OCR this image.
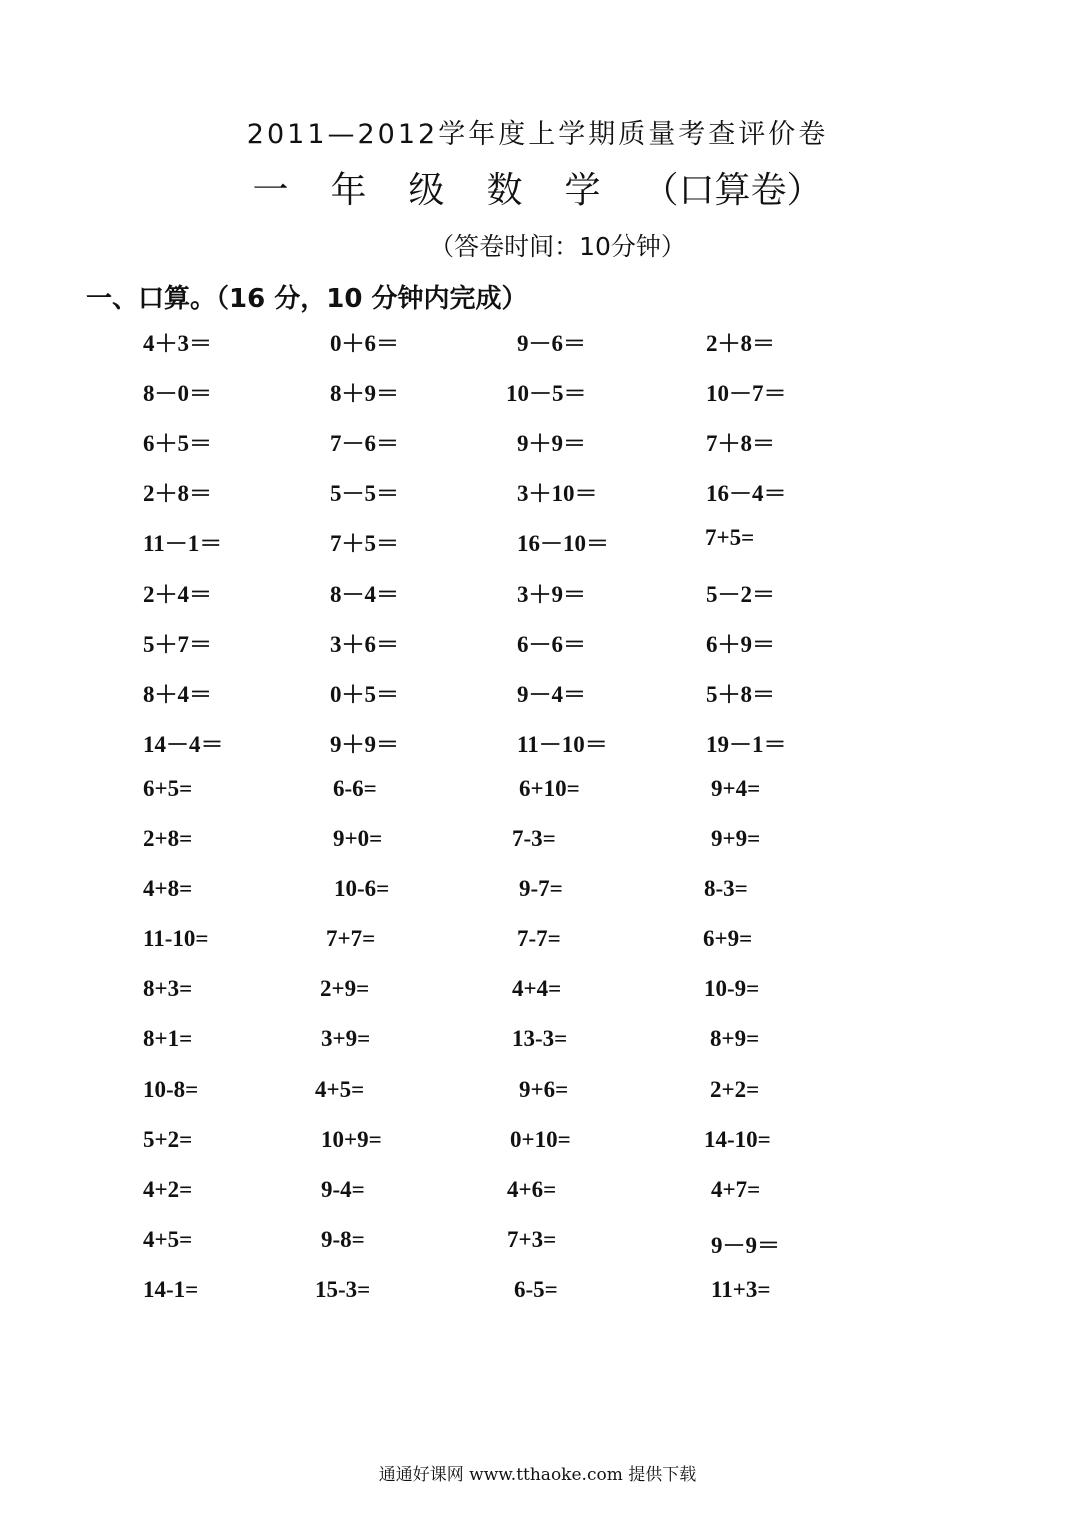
2011—2012学年度上学期质量考查评价卷
一年级数学（口算卷）
（答卷时间：10分钟）
一、口算。（16 分，10 分钟内完成）
4＋3＝	0＋6＝	9－6＝	2＋8＝
8－0＝	8＋9＝	10－5＝	10－7＝
6＋5＝	7－6＝	9＋9＝	7＋8＝
2＋8＝	5－5＝	3＋10＝	16－4＝
11－1＝	7＋5＝	16－10＝	7+5=
2＋4＝	8－4＝	3＋9＝	5－2＝
5＋7＝	3＋6＝	6－6＝	6＋9＝
8＋4＝	0＋5＝	9－4＝	5＋8＝
14－4＝	9＋9＝	11－10＝	19－1＝
6+5=	6-6=	6+10=	9+4=
2+8=	9+0=	7-3=	9+9=
4+8=	10-6=	9-7=	8-3=
11-10=	7+7=	7-7=	6+9=
8+3=	2+9=	4+4=	10-9=
8+1=	3+9=	13-3=	8+9=
10-8=	4+5=	9+6=	2+2=
5+2=	10+9=	0+10=	14-10=
4+2=	9-4=	4+6=	4+7=
4+5=	9-8=	7+3=	9－9＝
14-1=	15-3=	6-5=	11+3=
通通好课网 www.tthaoke.com 提供下载
